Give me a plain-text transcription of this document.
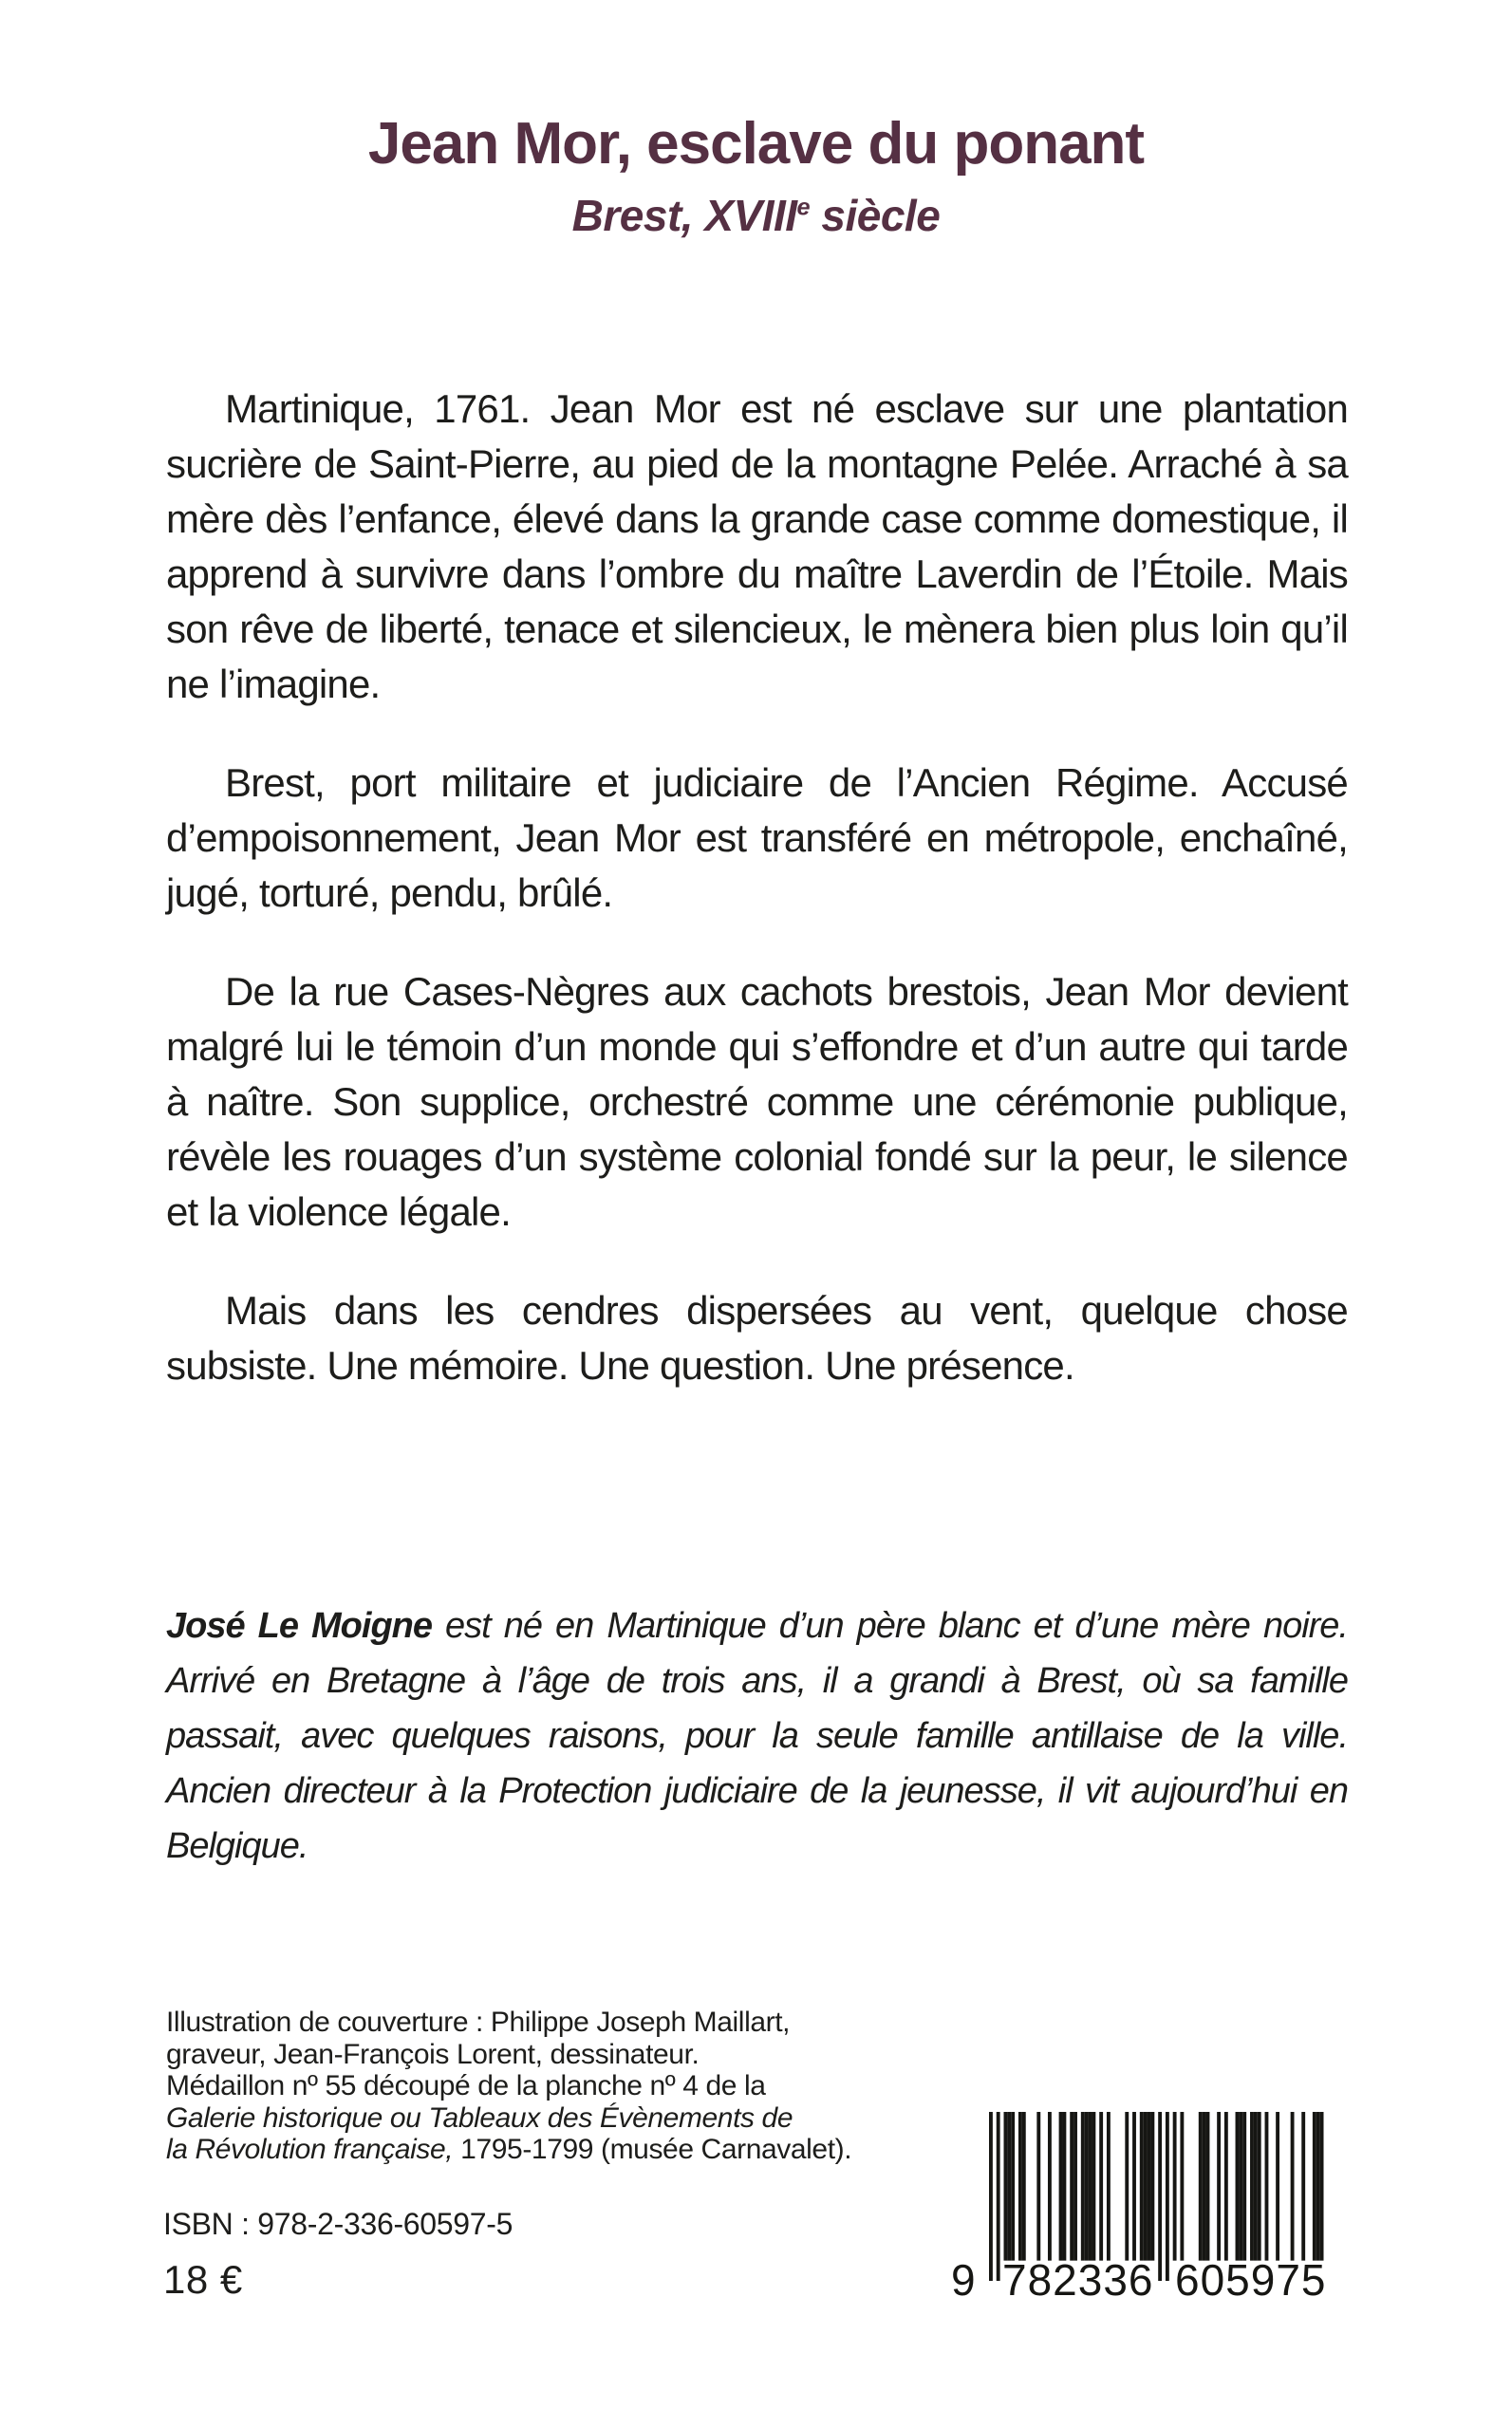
Jean Mor, esclave du ponant
Brest, XVIIIe siècle

Martinique, 1761. Jean Mor est né esclave sur une plantation sucrière de Saint-Pierre, au pied de la montagne Pelée. Arraché à sa mère dès l’enfance, élevé dans la grande case comme domestique, il apprend à survivre dans l’ombre du maître Laverdin de l’Étoile. Mais son rêve de liberté, tenace et silencieux, le mènera bien plus loin qu’il ne l’imagine.

Brest, port militaire et judiciaire de l’Ancien Régime. Accusé d’empoisonnement, Jean Mor est transféré en métropole, enchaîné, jugé, torturé, pendu, brûlé.

De la rue Cases-Nègres aux cachots brestois, Jean Mor devient malgré lui le témoin d’un monde qui s’effondre et d’un autre qui tarde à naître. Son supplice, orchestré comme une cérémonie publique, révèle les rouages d’un système colonial fondé sur la peur, le silence et la violence légale.

Mais dans les cendres dispersées au vent, quelque chose subsiste. Une mémoire. Une question. Une présence.

José Le Moigne est né en Martinique d’un père blanc et d’une mère noire. Arrivé en Bretagne à l’âge de trois ans, il a grandi à Brest, où sa famille passait, avec quelques raisons, pour la seule famille antillaise de la ville. Ancien directeur à la Protection judiciaire de la jeunesse, il vit aujourd’hui en Belgique.

Illustration de couverture : Philippe Joseph Maillart,
graveur, Jean-François Lorent, dessinateur.
Médaillon nº 55 découpé de la planche nº 4 de la
Galerie historique ou Tableaux des Évènements de
la Révolution française, 1795-1799 (musée Carnavalet).
ISBN : 978-2-336-60597-5
18 €	9 782336 605975
